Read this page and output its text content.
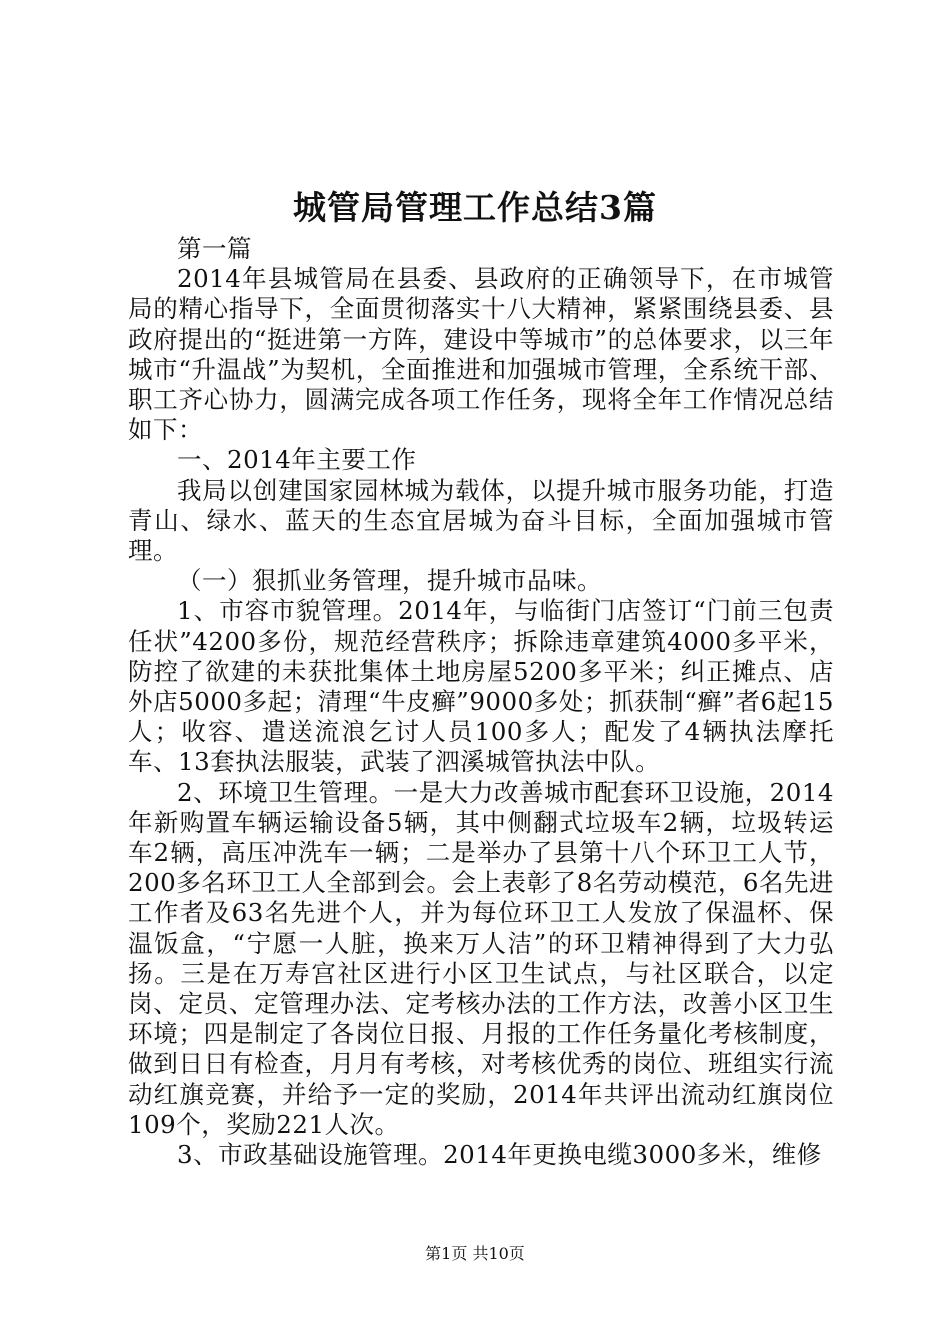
城管局管理工作总结3篇

第一篇

2014年县城管局在县委、县政府的正确领导下，在市城管局的精心指导下，全面贯彻落实十八大精神，紧紧围绕县委、县政府提出的“挺进第一方阵，建设中等城市”的总体要求，以三年城市“升温战”为契机，全面推进和加强城市管理，全系统干部、职工齐心协力，圆满完成各项工作任务，现将全年工作情况总结如下：

一、2014年主要工作

我局以创建国家园林城为载体，以提升城市服务功能，打造青山、绿水、蓝天的生态宜居城为奋斗目标，全面加强城市管理。

（一）狠抓业务管理，提升城市品味。

1、市容市貌管理。2014年，与临街门店签订“门前三包责任状”4200多份，规范经营秩序；拆除违章建筑4000多平米，防控了欲建的未获批集体土地房屋5200多平米；纠正摊点、店外店5000多起；清理“牛皮癣”9000多处；抓获制“癣”者6起15人；收容、遣送流浪乞讨人员100多人；配发了4辆执法摩托车、13套执法服装，武装了泗溪城管执法中队。

2、环境卫生管理。一是大力改善城市配套环卫设施，2014年新购置车辆运输设备5辆，其中侧翻式垃圾车2辆，垃圾转运车2辆，高压冲洗车一辆；二是举办了县第十八个环卫工人节，200多名环卫工人全部到会。会上表彰了8名劳动模范，6名先进工作者及63名先进个人，并为每位环卫工人发放了保温杯、保温饭盒，“宁愿一人脏，换来万人洁”的环卫精神得到了大力弘扬。三是在万寿宫社区进行小区卫生试点，与社区联合，以定岗、定员、定管理办法、定考核办法的工作方法，改善小区卫生环境；四是制定了各岗位日报、月报的工作任务量化考核制度，做到日日有检查，月月有考核，对考核优秀的岗位、班组实行流动红旗竞赛，并给予一定的奖励，2014年共评出流动红旗岗位109个，奖励221人次。

3、市政基础设施管理。2014年更换电缆3000多米，维修

第1页 共10页
